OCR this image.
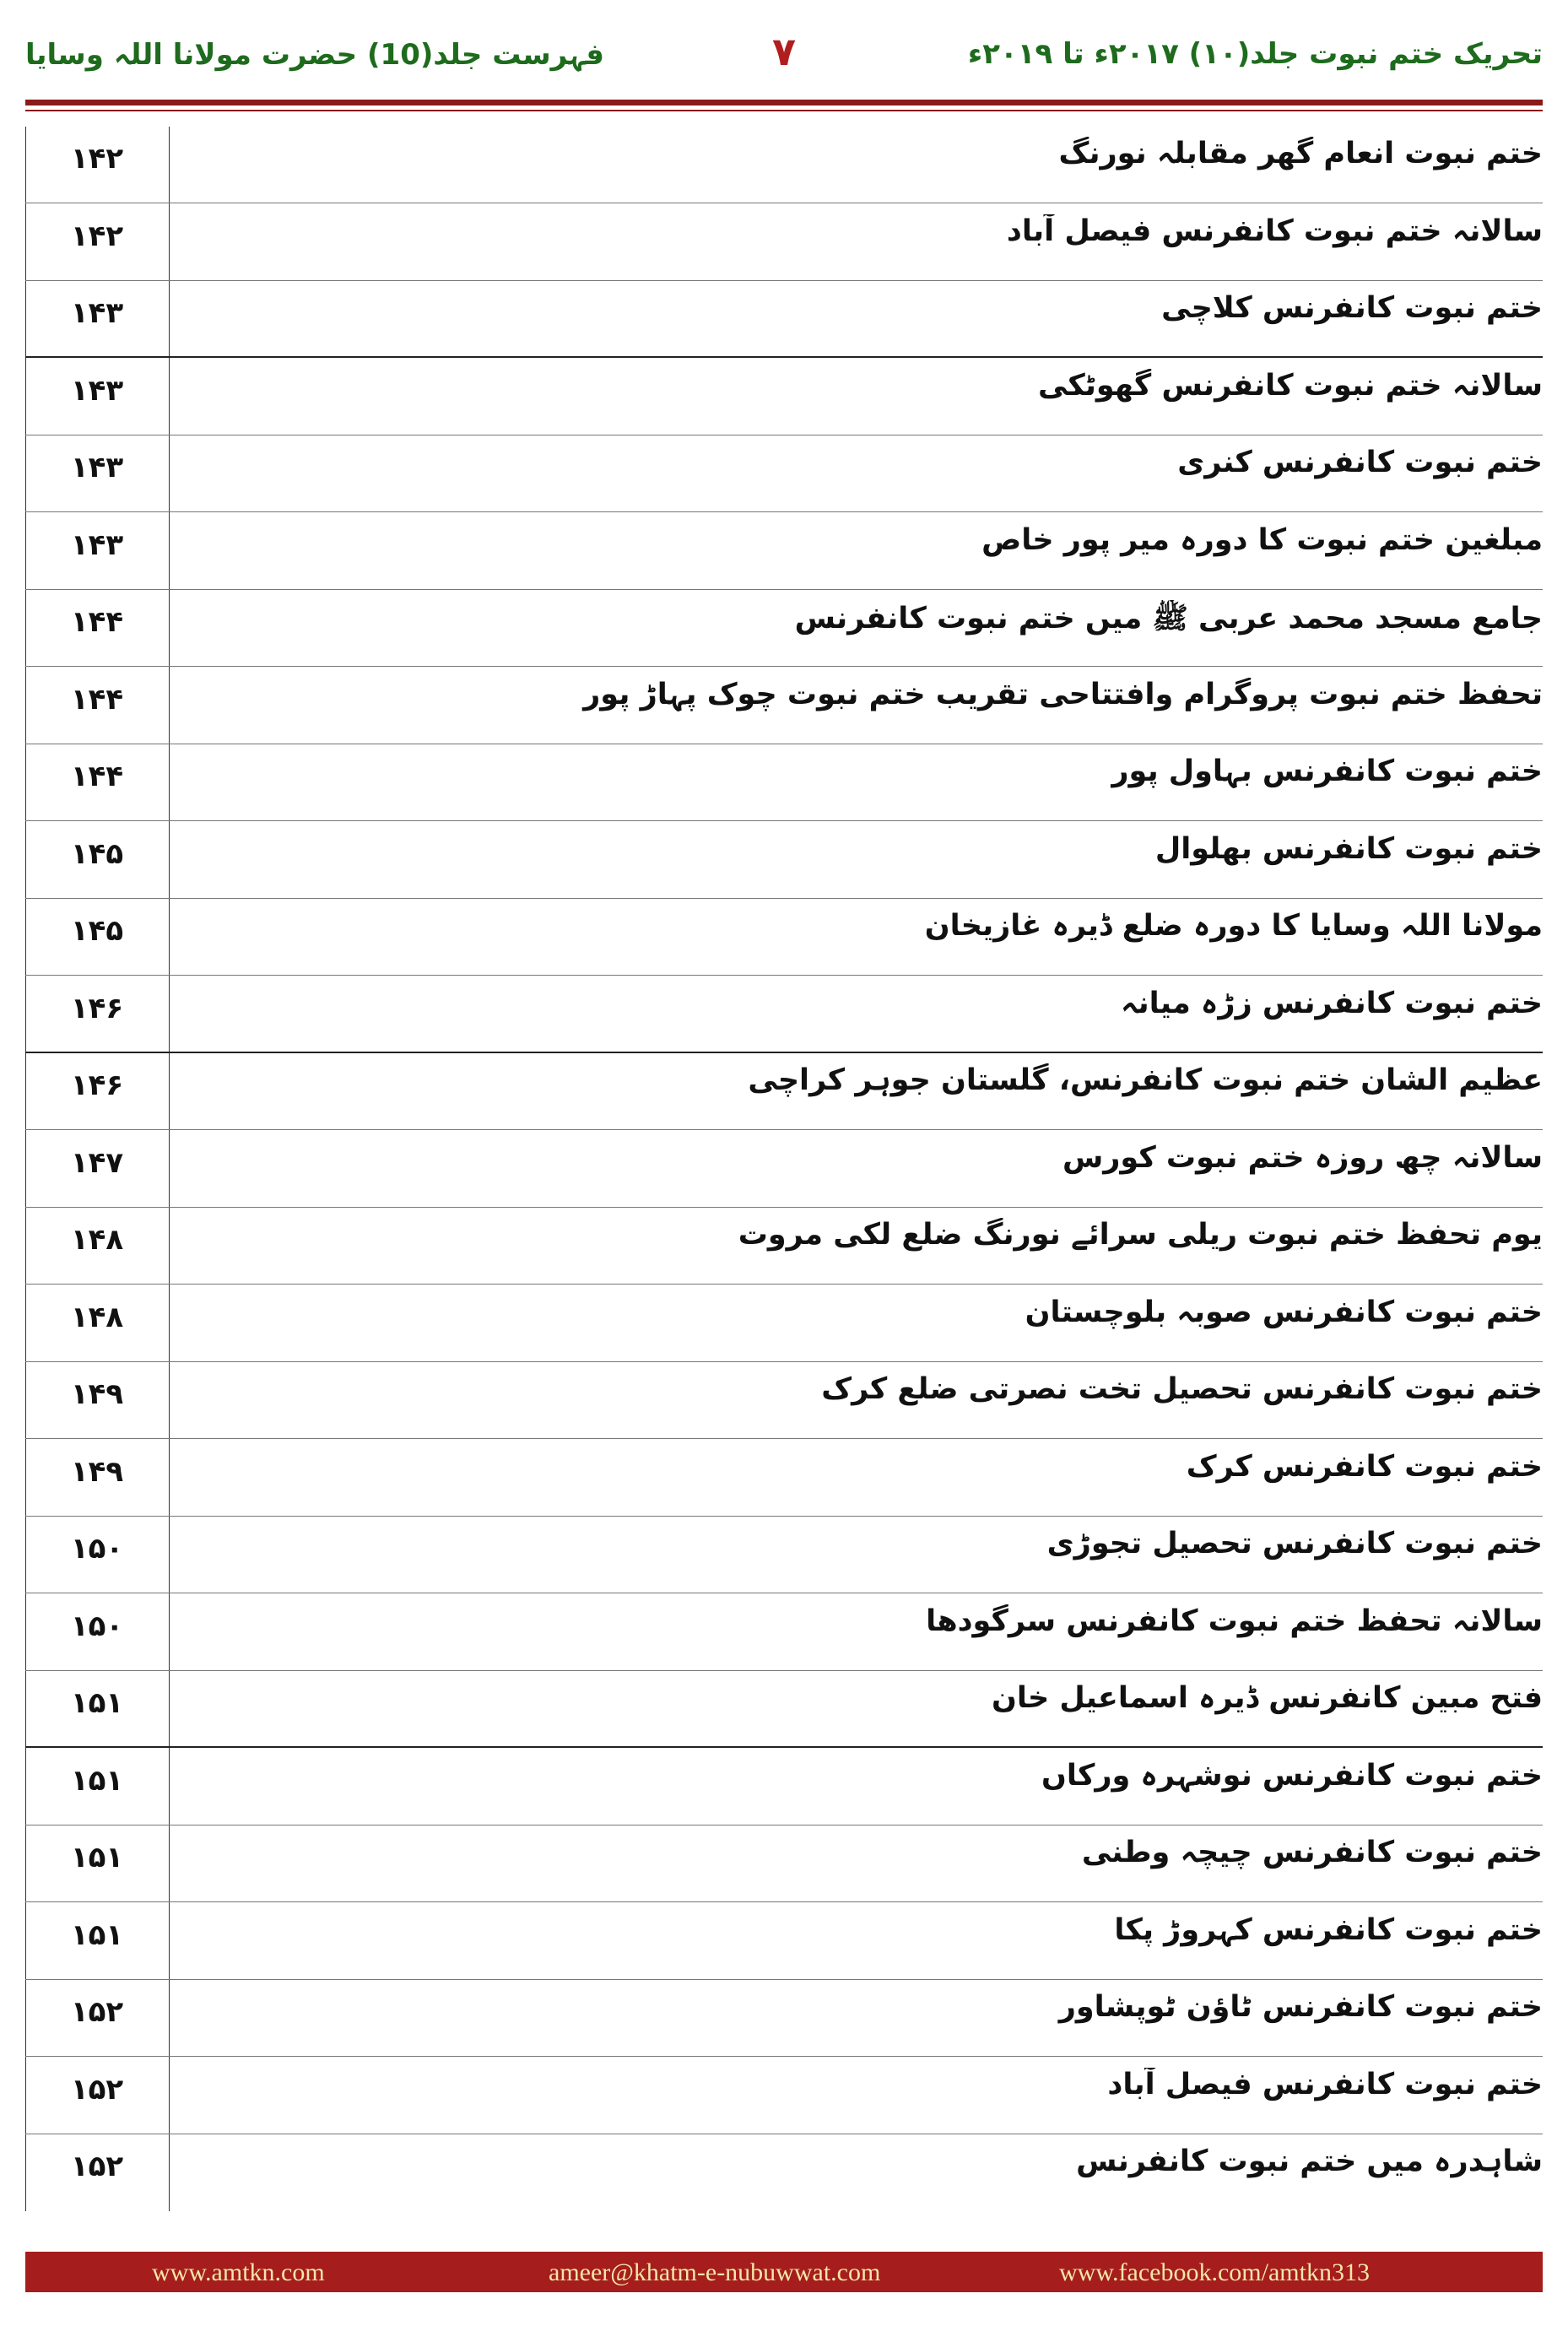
تحریک ختم نبوت جلد(۱۰) ۲۰۱۷ء تا ۲۰۱۹ء
۷
فہرست جلد(10) حضرت مولانا اللہ وسایا
ختم نبوت انعام گھر مقابلہ نورنگ
۱۴۲
سالانہ ختم نبوت کانفرنس فیصل آباد
۱۴۲
ختم نبوت کانفرنس کلاچی
۱۴۳
سالانہ ختم نبوت کانفرنس گھوٹکی
۱۴۳
ختم نبوت کانفرنس کنری
۱۴۳
مبلغین ختم نبوت کا دورہ میر پور خاص
۱۴۳
جامع مسجد محمد عربی ﷺ میں ختم نبوت کانفرنس
۱۴۴
تحفظ ختم نبوت پروگرام وافتتاحی تقریب ختم نبوت چوک پہاڑ پور
۱۴۴
ختم نبوت کانفرنس بہاول پور
۱۴۴
ختم نبوت کانفرنس بھلوال
۱۴۵
مولانا اللہ وسایا کا دورہ ضلع ڈیرہ غازیخان
۱۴۵
ختم نبوت کانفرنس زڑہ میانہ
۱۴۶
عظیم الشان ختم نبوت کانفرنس، گلستان جوہر کراچی
۱۴۶
سالانہ چھ روزہ ختم نبوت کورس
۱۴۷
یوم تحفظ ختم نبوت ریلی سرائے نورنگ ضلع لکی مروت
۱۴۸
ختم نبوت کانفرنس صوبہ بلوچستان
۱۴۸
ختم نبوت کانفرنس تحصیل تخت نصرتی ضلع کرک
۱۴۹
ختم نبوت کانفرنس کرک
۱۴۹
ختم نبوت کانفرنس تحصیل تجوڑی
۱۵۰
سالانہ تحفظ ختم نبوت کانفرنس سرگودھا
۱۵۰
فتح مبین کانفرنس ڈیرہ اسماعیل خان
۱۵۱
ختم نبوت کانفرنس نوشہرہ ورکاں
۱۵۱
ختم نبوت کانفرنس چیچہ وطنی
۱۵۱
ختم نبوت کانفرنس کہروڑ پکا
۱۵۱
ختم نبوت کانفرنس ٹاؤن ٹوپشاور
۱۵۲
ختم نبوت کانفرنس فیصل آباد
۱۵۲
شاہدرہ میں ختم نبوت کانفرنس
۱۵۲
www.amtkn.com	ameer@khatm-e-nubuwwat.com	www.facebook.com/amtkn313
